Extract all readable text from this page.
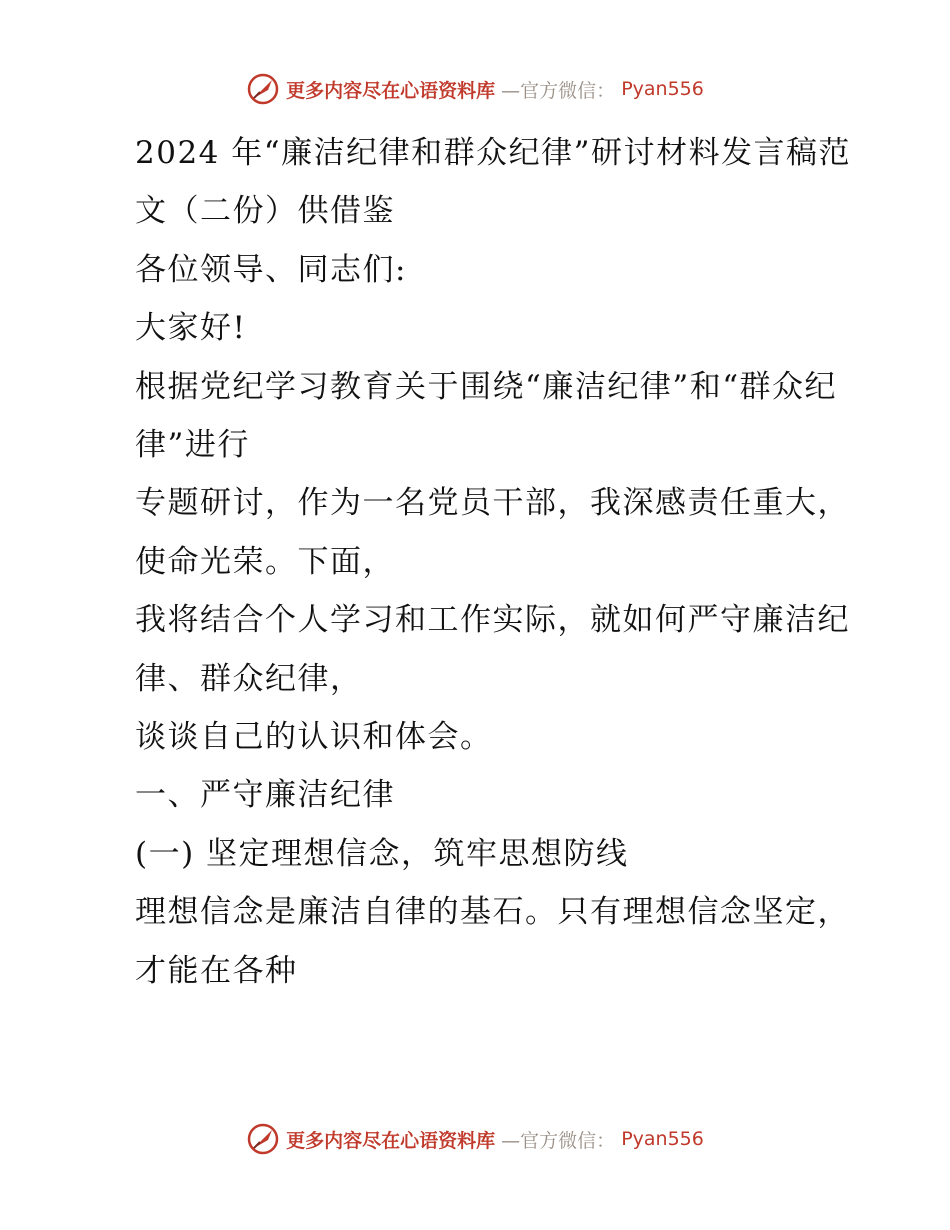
更多内容尽在心语资料库 —官方微信： Pyan556
2024 年“廉洁纪律和群众纪律”研讨材料发言稿范
文（二份）供借鉴
各位领导、同志们:
大家好!
根据党纪学习教育关于围绕“廉洁纪律”和“群众纪律”进行
专题研讨，作为一名党员干部，我深感责任重大，使命光荣。下面，
我将结合个人学习和工作实际，就如何严守廉洁纪律、群众纪律，
谈谈自己的认识和体会。
一、严守廉洁纪律
(一) 坚定理想信念，筑牢思想防线
理想信念是廉洁自律的基石。只有理想信念坚定，才能在各种
更多内容尽在心语资料库 —官方微信： Pyan556
